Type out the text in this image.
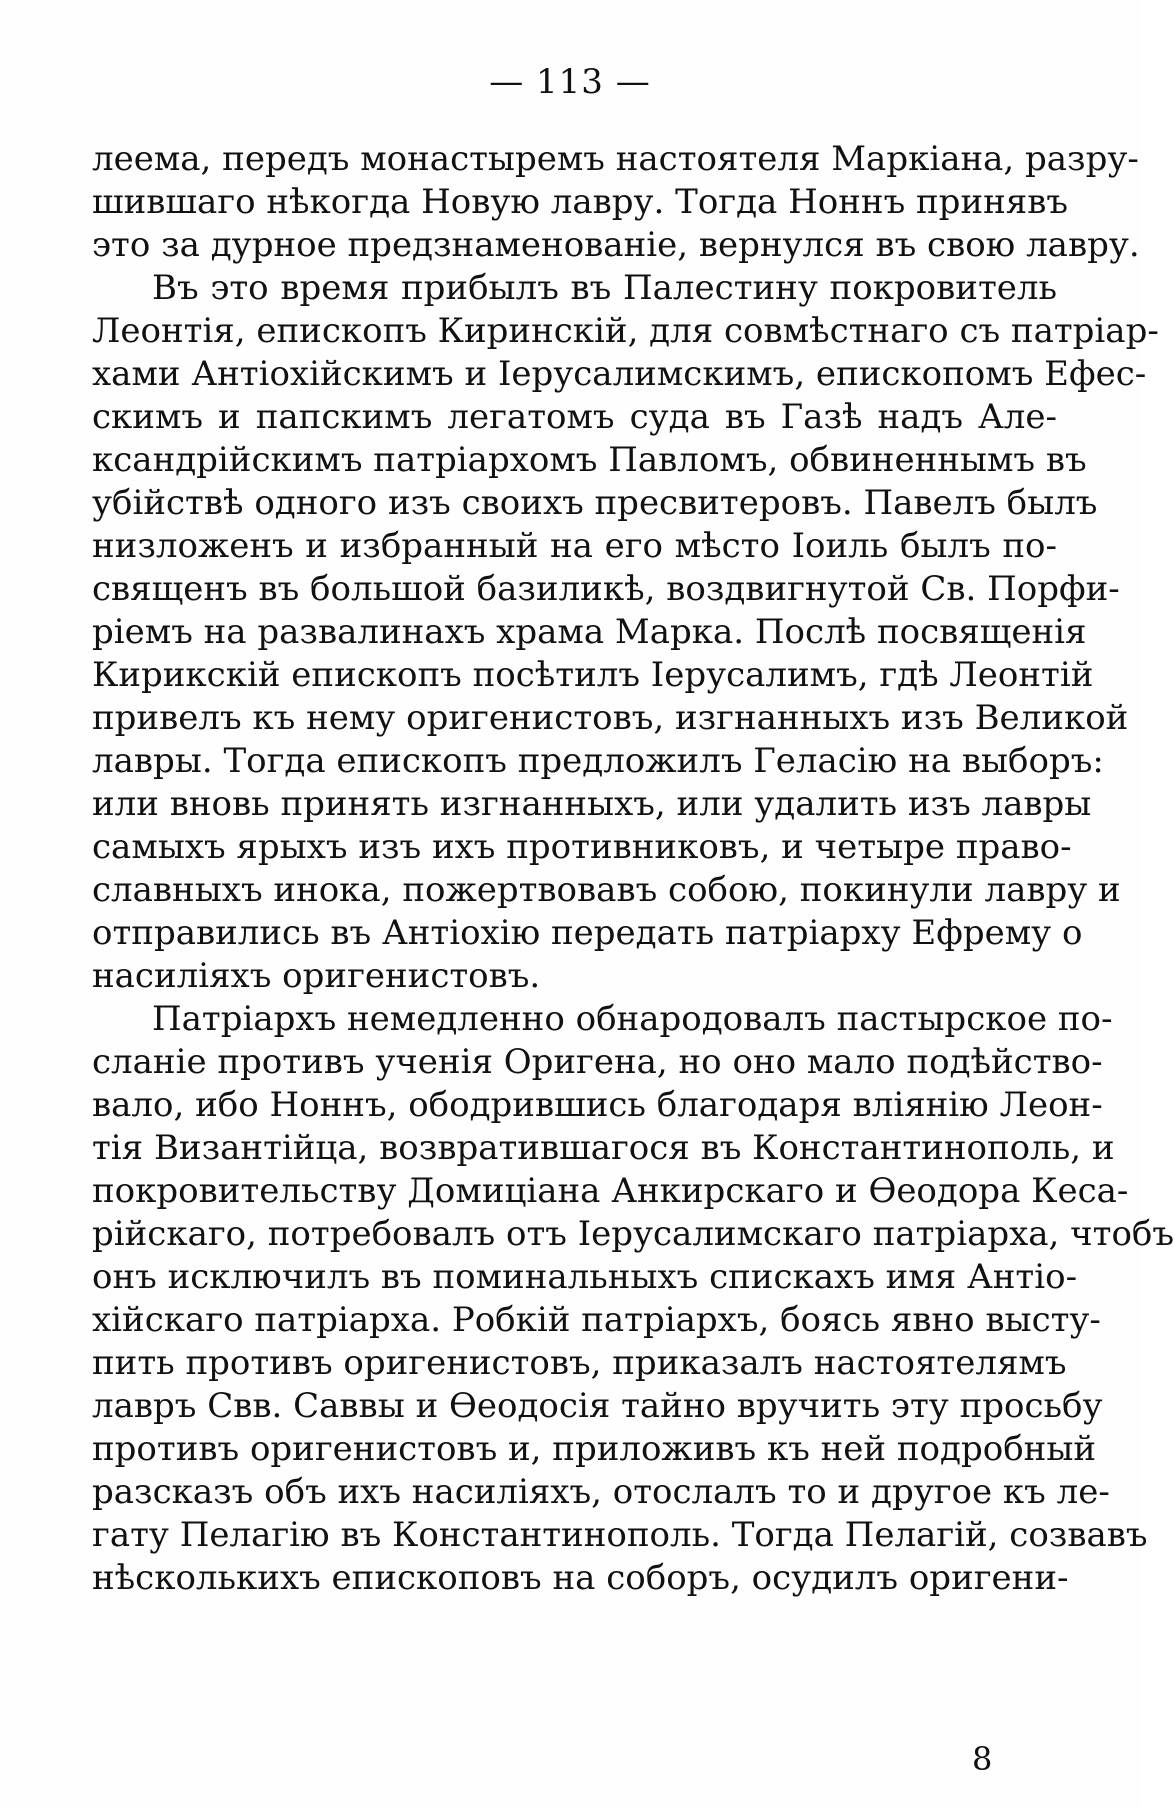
— 113 —
леема, передъ монастыремъ настоятеля Маркіана, разру-
шившаго нѣкогда Новую лавру. Тогда Ноннъ принявъ
это за дурное предзнаменованіе, вернулся въ свою лавру.
Въ это время прибылъ въ Палестину покровитель
Леонтія, епископъ Киринскій, для совмѣстнаго съ патріар-
хами Антіохійскимъ и Іерусалимскимъ, епископомъ Ефес-
скимъ и папскимъ легатомъ суда въ Газѣ надъ Але-
ксандрійскимъ патріархомъ Павломъ, обвиненнымъ въ
убійствѣ одного изъ своихъ пресвитеровъ. Павелъ былъ
низложенъ и избранный на его мѣсто Іоиль былъ по-
священъ въ большой базиликѣ, воздвигнутой Св. Порфи-
ріемъ на развалинахъ храма Марка. Послѣ посвященія
Кирикскій епископъ посѣтилъ Іерусалимъ, гдѣ Леонтій
привелъ къ нему оригенистовъ, изгнанныхъ изъ Великой
лавры. Тогда епископъ предложилъ Геласію на выборъ:
или вновь принять изгнанныхъ, или удалить изъ лавры
самыхъ ярыхъ изъ ихъ противниковъ, и четыре право-
славныхъ инока, пожертвовавъ собою, покинули лавру и
отправились въ Антіохію передать патріарху Ефрему о
насиліяхъ оригенистовъ.
Патріархъ немедленно обнародовалъ пастырское по-
сланіе противъ ученія Оригена, но оно мало подѣйство-
вало, ибо Ноннъ, ободрившись благодаря вліянію Леон-
тія Византійца, возвратившагося въ Константинополь, и
покровительству Домиціана Анкирскаго и Өеодора Кеса-
рійскаго, потребовалъ отъ Іерусалимскаго патріарха, чтобъ
онъ исключилъ въ поминальныхъ спискахъ имя Антіо-
хійскаго патріарха. Робкій патріархъ, боясь явно высту-
пить противъ оригенистовъ, приказалъ настоятелямъ
лавръ Свв. Саввы и Өеодосія тайно вручить эту просьбу
противъ оригенистовъ и, приложивъ къ ней подробный
разсказъ объ ихъ насиліяхъ, отослалъ то и другое къ ле-
гату Пелагію въ Константинополь. Тогда Пелагій, созвавъ
нѣсколькихъ епископовъ на соборъ, осудилъ оригени-
8
